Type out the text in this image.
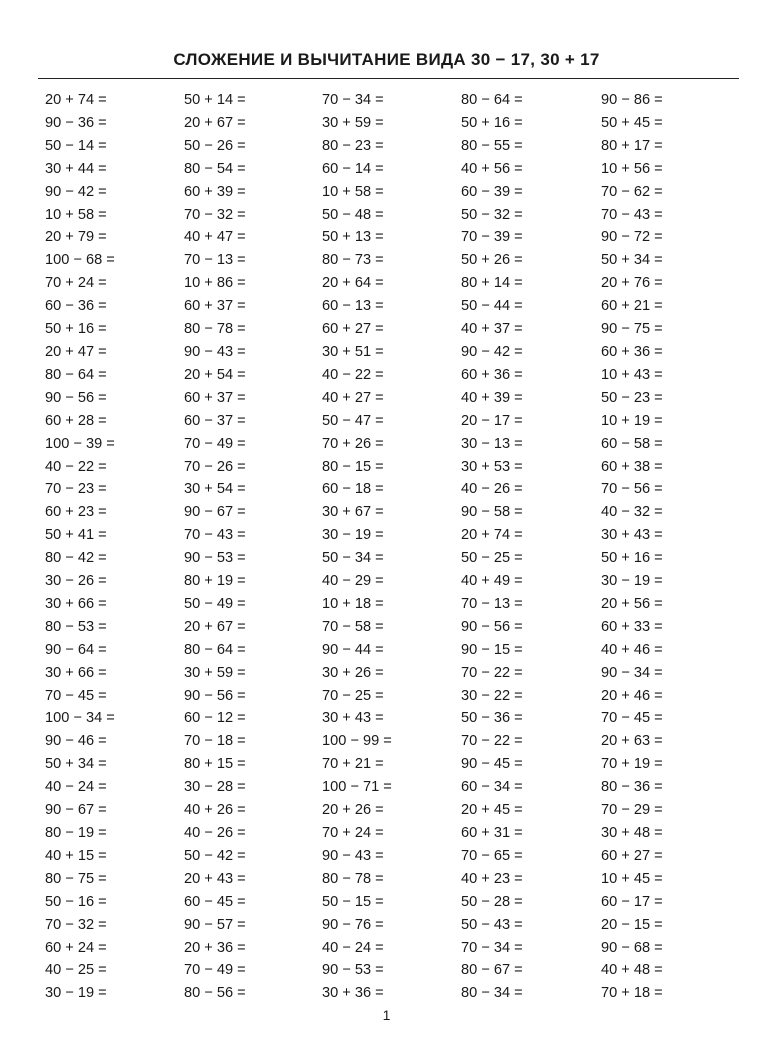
СЛОЖЕНИЕ И ВЫЧИТАНИЕ ВИДА 30 − 17, 30 + 17
20 + 74 =
90 − 36 =
50 − 14 =
30 + 44 =
90 − 42 =
10 + 58 =
20 + 79 =
100 − 68 =
70 + 24 =
60 − 36 =
50 + 16 =
20 + 47 =
80 − 64 =
90 − 56 =
60 + 28 =
100 − 39 =
40 − 22 =
70 − 23 =
60 + 23 =
50 + 41 =
80 − 42 =
30 − 26 =
30 + 66 =
80 − 53 =
90 − 64 =
30 + 66 =
70 − 45 =
100 − 34 =
90 − 46 =
50 + 34 =
40 − 24 =
90 − 67 =
80 − 19 =
40 + 15 =
80 − 75 =
50 − 16 =
70 − 32 =
60 + 24 =
40 − 25 =
30 − 19 =
50 + 14 =
20 + 67 =
50 − 26 =
80 − 54 =
60 + 39 =
70 − 32 =
40 + 47 =
70 − 13 =
10 + 86 =
60 + 37 =
80 − 78 =
90 − 43 =
20 + 54 =
60 + 37 =
60 − 37 =
70 − 49 =
70 − 26 =
30 + 54 =
90 − 67 =
70 − 43 =
90 − 53 =
80 + 19 =
50 − 49 =
20 + 67 =
80 − 64 =
30 + 59 =
90 − 56 =
60 − 12 =
70 − 18 =
80 + 15 =
30 − 28 =
40 + 26 =
40 − 26 =
50 − 42 =
20 + 43 =
60 − 45 =
90 − 57 =
20 + 36 =
70 − 49 =
80 − 56 =
70 − 34 =
30 + 59 =
80 − 23 =
60 − 14 =
10 + 58 =
50 − 48 =
50 + 13 =
80 − 73 =
20 + 64 =
60 − 13 =
60 + 27 =
30 + 51 =
40 − 22 =
40 + 27 =
50 − 47 =
70 + 26 =
80 − 15 =
60 − 18 =
30 + 67 =
30 − 19 =
50 − 34 =
40 − 29 =
10 + 18 =
70 − 58 =
90 − 44 =
30 + 26 =
70 − 25 =
30 + 43 =
100 − 99 =
70 + 21 =
100 − 71 =
20 + 26 =
70 + 24 =
90 − 43 =
80 − 78 =
50 − 15 =
90 − 76 =
40 − 24 =
90 − 53 =
30 + 36 =
80 − 64 =
50 + 16 =
80 − 55 =
40 + 56 =
60 − 39 =
50 − 32 =
70 − 39 =
50 + 26 =
80 + 14 =
50 − 44 =
40 + 37 =
90 − 42 =
60 + 36 =
40 + 39 =
20 − 17 =
30 − 13 =
30 + 53 =
40 − 26 =
90 − 58 =
20 + 74 =
50 − 25 =
40 + 49 =
70 − 13 =
90 − 56 =
90 − 15 =
70 − 22 =
30 − 22 =
50 − 36 =
70 − 22 =
90 − 45 =
60 − 34 =
20 + 45 =
60 + 31 =
70 − 65 =
40 + 23 =
50 − 28 =
50 − 43 =
70 − 34 =
80 − 67 =
80 − 34 =
90 − 86 =
50 + 45 =
80 + 17 =
10 + 56 =
70 − 62 =
70 − 43 =
90 − 72 =
50 + 34 =
20 + 76 =
60 + 21 =
90 − 75 =
60 + 36 =
10 + 43 =
50 − 23 =
10 + 19 =
60 − 58 =
60 + 38 =
70 − 56 =
40 − 32 =
30 + 43 =
50 + 16 =
30 − 19 =
20 + 56 =
60 + 33 =
40 + 46 =
90 − 34 =
20 + 46 =
70 − 45 =
20 + 63 =
70 + 19 =
80 − 36 =
70 − 29 =
30 + 48 =
60 + 27 =
10 + 45 =
60 − 17 =
20 − 15 =
90 − 68 =
40 + 48 =
70 + 18 =
1
